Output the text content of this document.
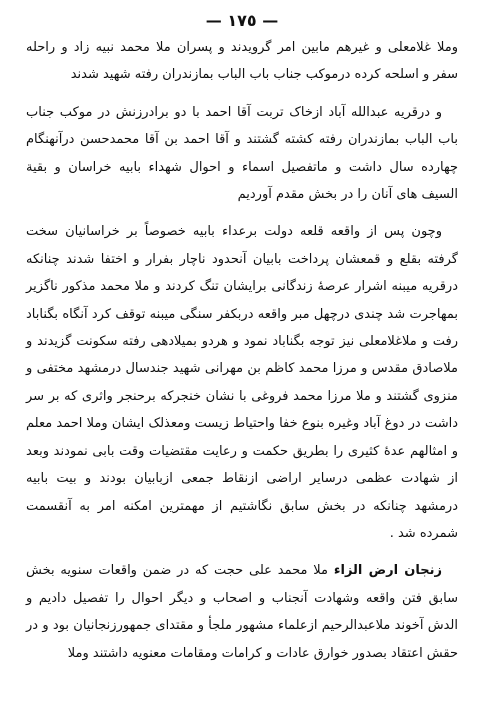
— ١٧٥ —

وملا غلامعلی و غیرهم مابین امر گرویدند و پسران ملا محمد نبیه زاد و راحله سفر و اسلحه کرده درموکب جناب باب الباب بمازندران رفته شهید شدند

و درقریه عبدالله آباد ازخاک تربت آقا احمد با دو برادرزنش در موکب جناب باب الباب بمازندران رفته کشته گشتند و آقا احمد بن آقا محمدحسن درآنهنگام چهارده سال داشت و ماتفصیل اسماء و احوال شهداء بابیه خراسان و بقیة السیف های آنان را در بخش مقدم آوردیم

وچون پس از واقعه قلعه دولت برعداء بابیه خصوصاً بر خراسانیان سخت گرفته بقلع و قمعشان پرداخت بابیان آنحدود ناچار بفرار و اختفا شدند چنانکه درقریه میبنه اشرار عرصهٔ زندگانی برایشان تنگ کردند و ملا محمد مذکور ناگزیر بمهاجرت شد چندی درچهل مبر واقعه دربکفر سنگی میبنه توقف کرد آنگاه بگناباد رفت و ملاغلامعلی نیز توجه بگناباد نمود و هردو بمیلادهی رفته سکونت گزیدند و ملاصادق مقدس و مرزا محمد کاظم بن مهرانی شهید جندسال درمشهد مختفی و منزوی گشتند و ملا مرزا محمد فروغی با نشان خنجرکه برحنجر واثری که بر سر داشت در دوغ آباد وغیره بنوع خفا واحتیاط زیست ومعذلک ایشان وملا احمد معلم و امثالهم عدهٔ کثیری را بطریق حکمت و رعایت مقتضیات وقت بابی نمودند وبعد از شهادت عظمی درسایر اراضی ازنقاط جمعی ازبابیان بودند و بیت بابیه درمشهد چنانکه در بخش سابق نگاشتیم از مهمترین امکنه امر به آنقسمت شمرده شد .

زنجان ارض الزاء ملا محمد علی حجت که در ضمن واقعات سنویه بخش سابق فتن واقعه وشهادت آنجناب و اصحاب و دیگر احوال را تفصیل دادیم و الدش آخوند ملاعبدالرحیم ازعلماء مشهور ملجأ و مقتدای جمهورزنجانیان بود و در حقش اعتقاد بصدور خوارق عادات و کرامات ومقامات معنویه داشتند وملا
